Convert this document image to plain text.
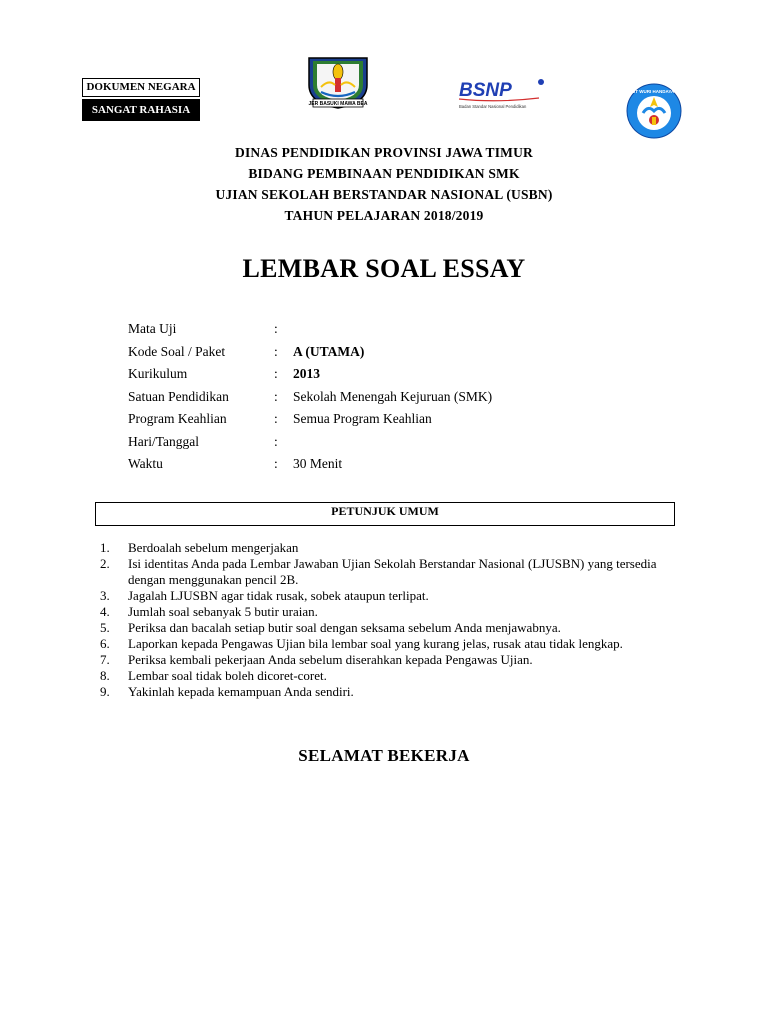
DOKUMEN NEGARA
SANGAT RAHASIA	JER BASUKI MAWA BEA
BSNP
Badan Standar Nasional Pendidikan
TUT WURI HANDAYANI
DINAS PENDIDIKAN PROVINSI JAWA TIMUR
BIDANG PEMBINAAN PENDIDIKAN SMK
UJIAN SEKOLAH BERSTANDAR NASIONAL (USBN)
TAHUN PELAJARAN 2018/2019
LEMBAR SOAL ESSAY
Mata Uji	:
Kode Soal / Paket	:	A (UTAMA)
Kurikulum	:	2013
Satuan Pendidikan	:	Sekolah Menengah Kejuruan (SMK)
Program Keahlian	:	Semua Program Keahlian
Hari/Tanggal	:
Waktu	:	30 Menit
PETUNJUK UMUM
1.	Berdoalah sebelum mengerjakan
2.	Isi identitas Anda pada Lembar Jawaban Ujian Sekolah Berstandar Nasional (LJUSBN) yang tersedia dengan menggunakan pencil 2B.
3.	Jagalah LJUSBN agar tidak rusak, sobek ataupun terlipat.
4.	Jumlah soal sebanyak 5 butir uraian.
5.	Periksa dan bacalah setiap butir soal dengan seksama sebelum Anda menjawabnya.
6.	Laporkan kepada Pengawas Ujian bila lembar soal yang kurang jelas, rusak atau tidak lengkap.
7.	Periksa kembali pekerjaan Anda sebelum diserahkan kepada Pengawas Ujian.
8.	Lembar soal tidak boleh dicoret-coret.
9.	Yakinlah kepada kemampuan Anda sendiri.
SELAMAT BEKERJA
